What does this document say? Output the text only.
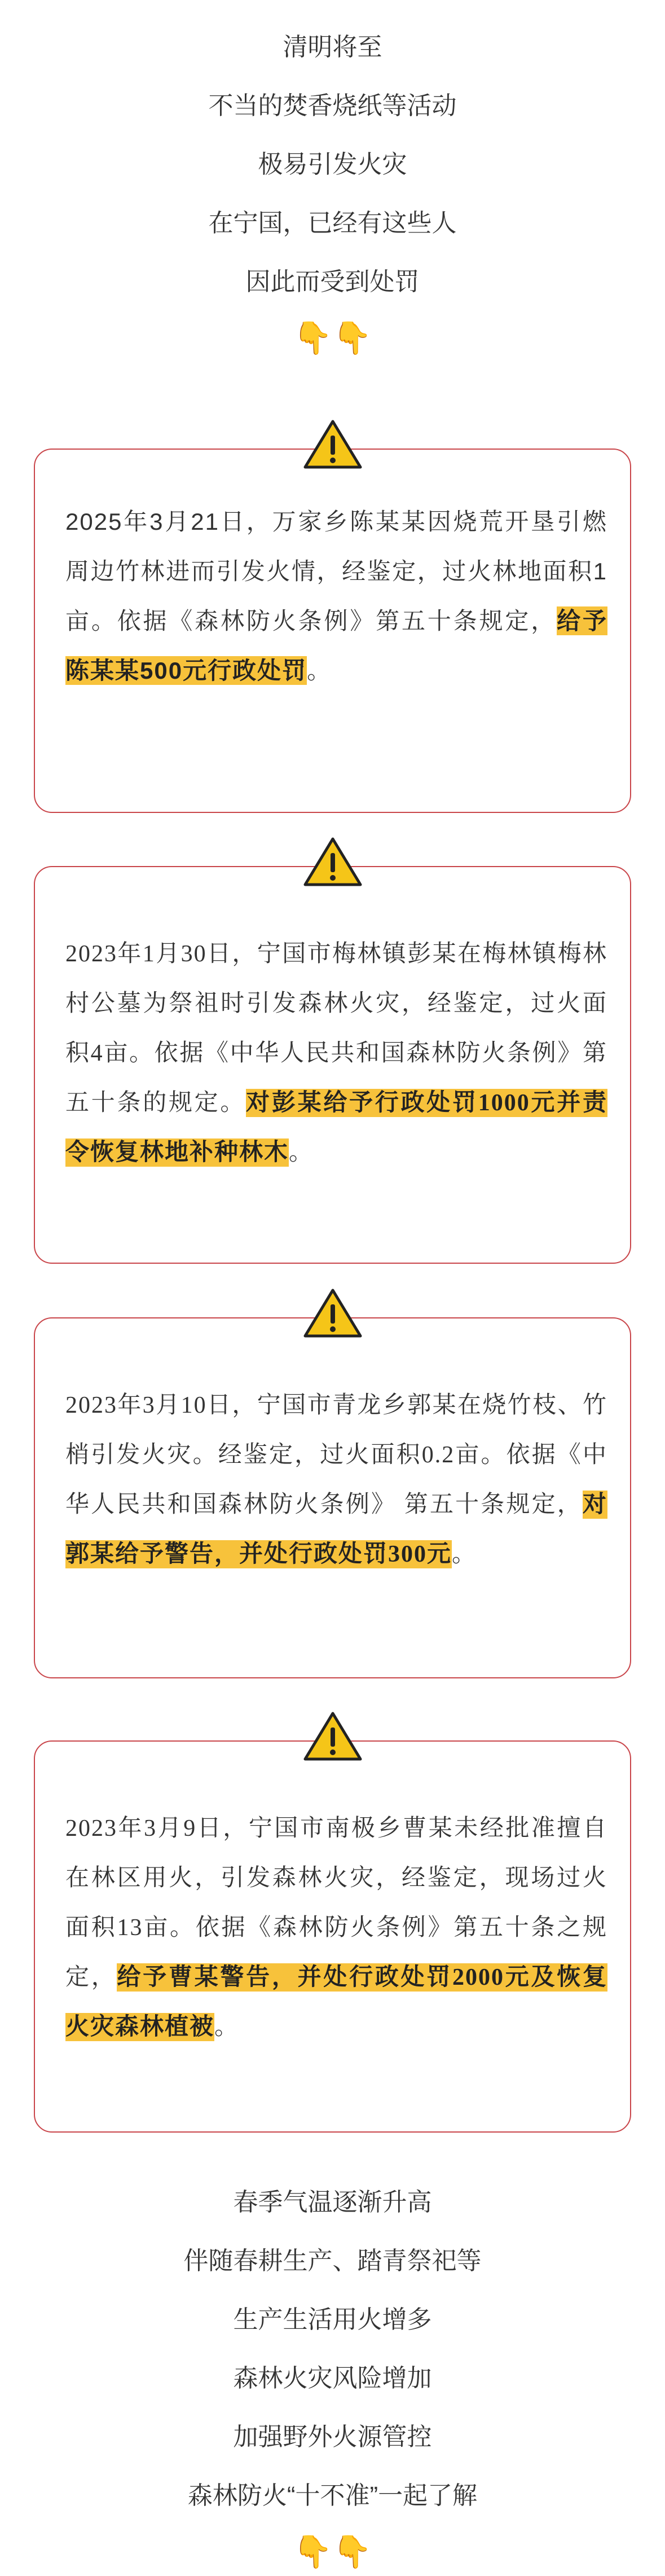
清明将至
不当的焚香烧纸等活动
极易引发火灾
在宁国，已经有这些人
因此而受到处罚
👇👇
2025年3月21日，万家乡陈某某因烧荒开垦引燃周边竹林进而引发火情，经鉴定，过火林地面积1亩。依据《森林防火条例》第五十条规定，给予陈某某500元行政处罚。
2023年1月30日，宁国市梅林镇彭某在梅林镇梅林村公墓为祭祖时引发森林火灾，经鉴定，过火面积4亩。依据《中华人民共和国森林防火条例》第五十条的规定。对彭某给予行政处罚1000元并责令恢复林地补种林木。
2023年3月10日，宁国市青龙乡郭某在烧竹枝、竹梢引发火灾。经鉴定，过火面积0.2亩。依据《中华人民共和国森林防火条例》 第五十条规定，对郭某给予警告，并处行政处罚300元。
2023年3月9日，宁国市南极乡曹某未经批准擅自在林区用火，引发森林火灾，经鉴定，现场过火面积13亩。依据《森林防火条例》第五十条之规定，给予曹某警告，并处行政处罚2000元及恢复火灾森林植被。
春季气温逐渐升高
伴随春耕生产、踏青祭祀等
生产生活用火增多
森林火灾风险增加
加强野外火源管控
森林防火“十不准”一起了解
👇👇
